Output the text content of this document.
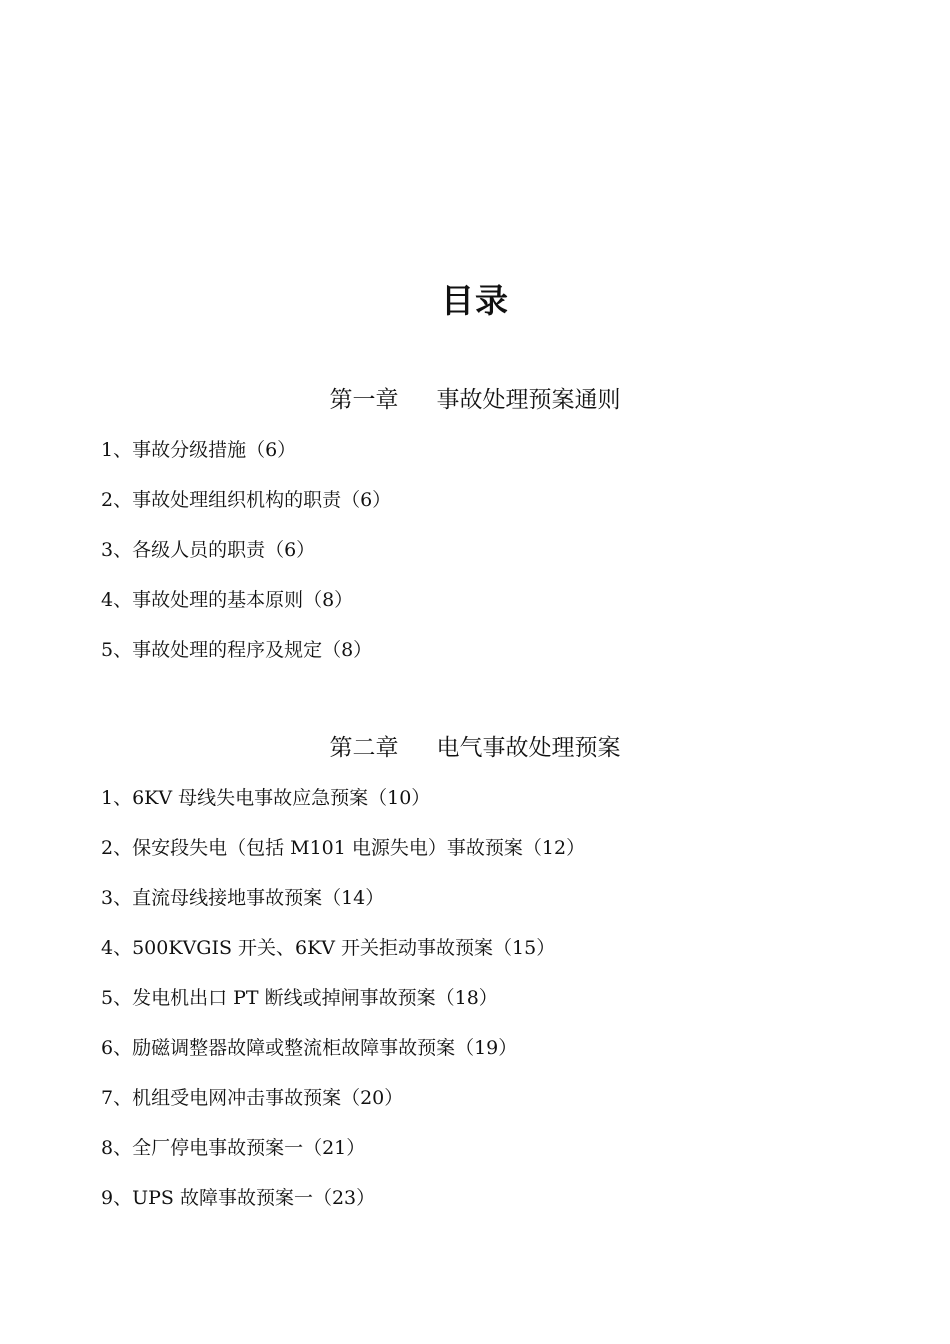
目录
第一章 事故处理预案通则
1、事故分级措施（6）
2、事故处理组织机构的职责（6）
3、各级人员的职责（6）
4、事故处理的基本原则（8）
5、事故处理的程序及规定（8）
第二章 电气事故处理预案
1、6KV 母线失电事故应急预案（10）
2、保安段失电（包括 M101 电源失电）事故预案（12）
3、直流母线接地事故预案（14）
4、500KVGIS 开关、6KV 开关拒动事故预案（15）
5、发电机出口 PT 断线或掉闸事故预案（18）
6、励磁调整器故障或整流柜故障事故预案（19）
7、机组受电网冲击事故预案（20）
8、全厂停电事故预案一（21）
9、UPS 故障事故预案一（23）
